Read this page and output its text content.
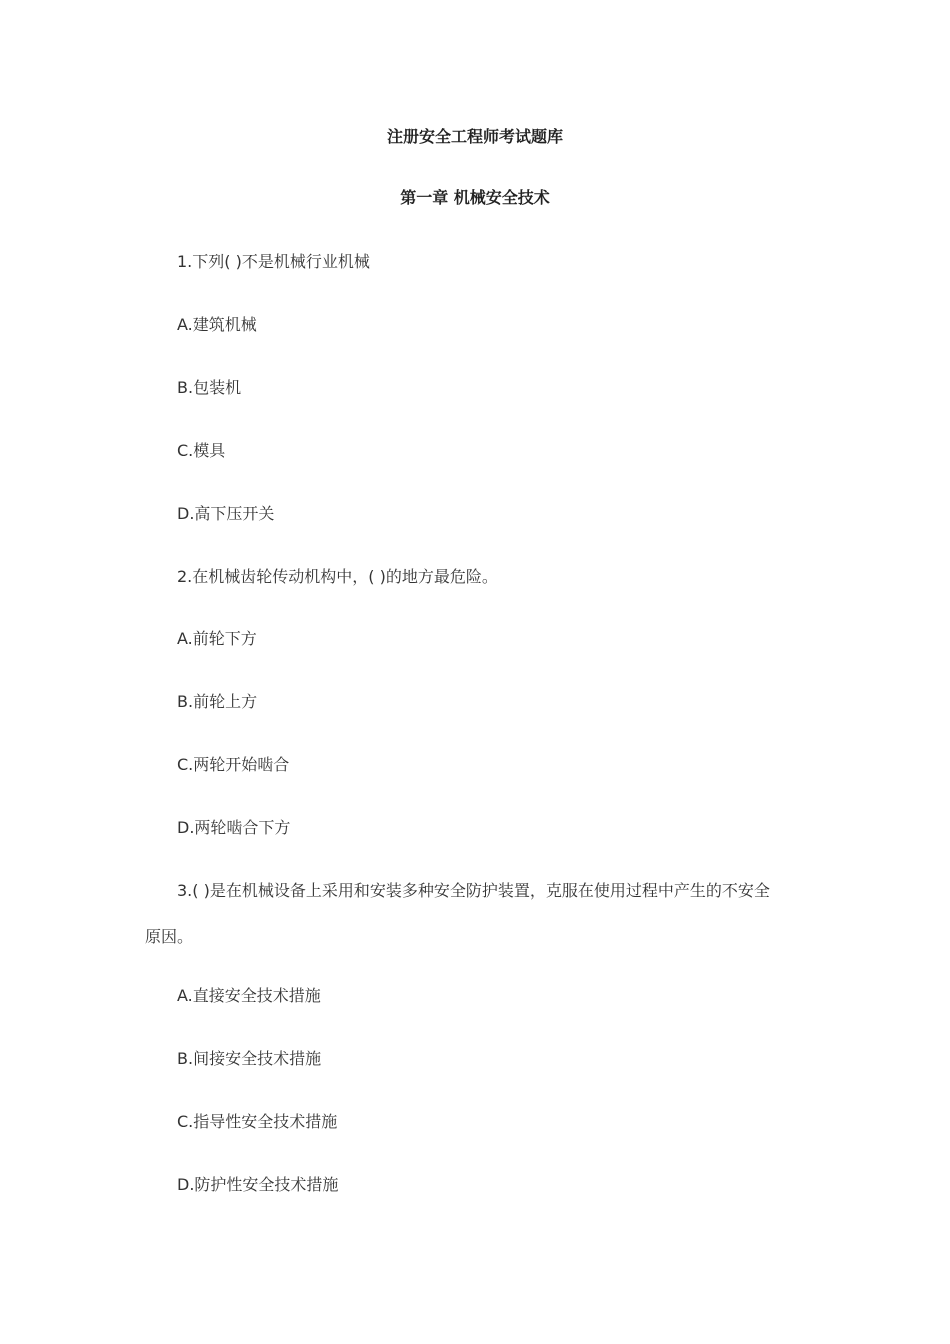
注册安全工程师考试题库
第一章 机械安全技术
1.下列( )不是机械行业机械
A.建筑机械
B.包装机
C.模具
D.高下压开关
2.在机械齿轮传动机构中，( )的地方最危险。
A.前轮下方
B.前轮上方
C.两轮开始啮合
D.两轮啮合下方
3.( )是在机械设备上采用和安装多种安全防护装置，克服在使用过程中产生的不安全
原因。
A.直接安全技术措施
B.间接安全技术措施
C.指导性安全技术措施
D.防护性安全技术措施
